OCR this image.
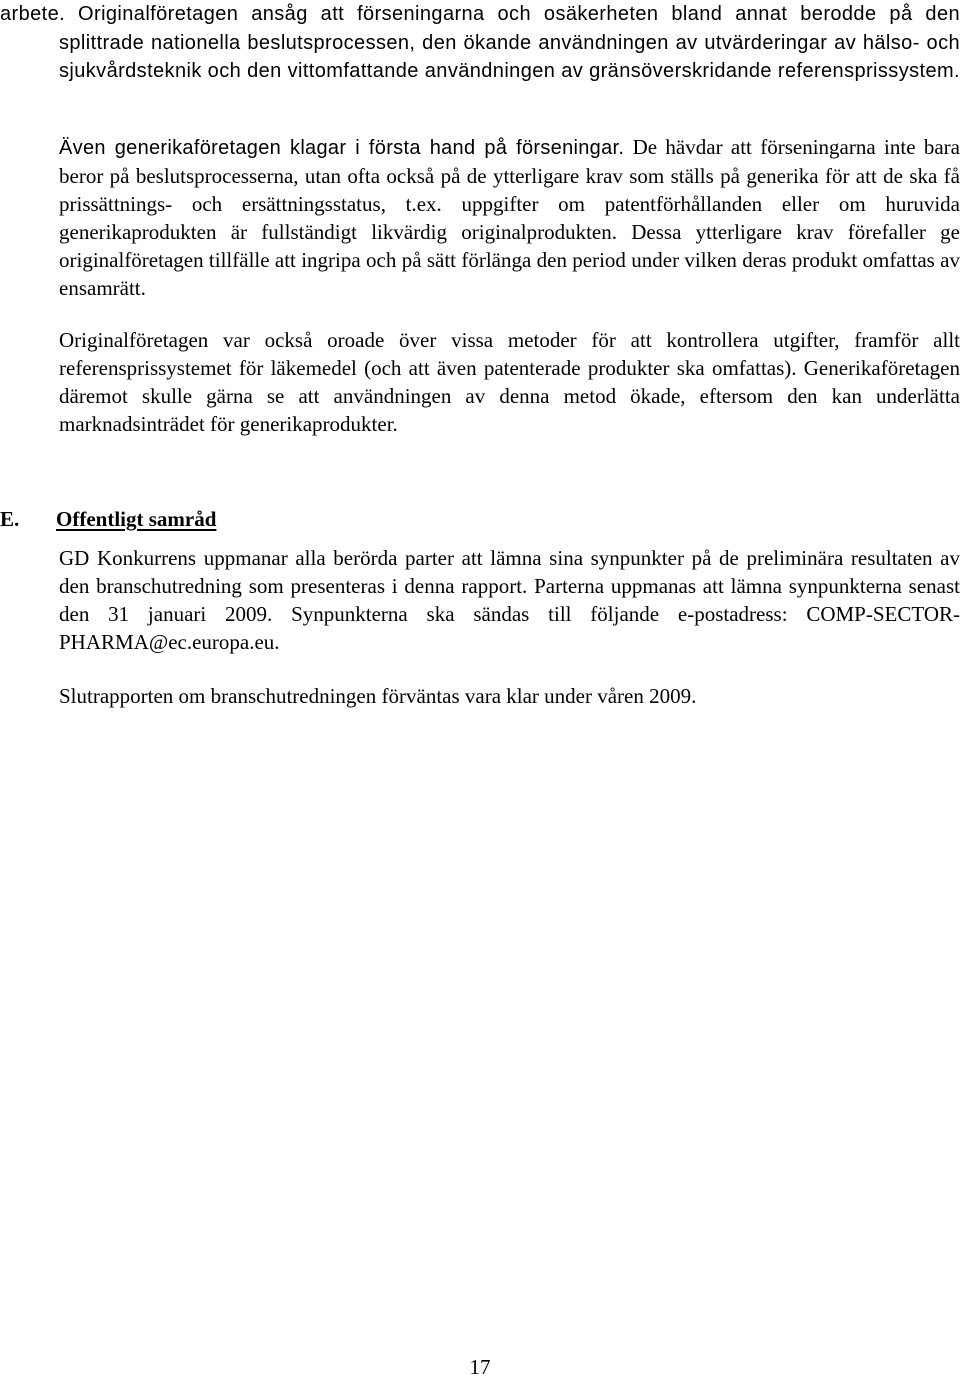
arbete. Originalföretagen ansåg att förseningarna och osäkerheten bland annat berodde på den splittrade nationella beslutsprocessen, den ökande användningen av utvärderingar av hälso- och sjukvårdsteknik och den vittomfattande användningen av gränsöverskridande referensprissystem.

Även generikaföretagen klagar i första hand på förseningar. De hävdar att förseningarna inte bara beror på beslutsprocesserna, utan ofta också på de ytterligare krav som ställs på generika för att de ska få prissättnings- och ersättningsstatus, t.ex. uppgifter om patentförhållanden eller om huruvida generikaprodukten är fullständigt likvärdig originalprodukten. Dessa ytterligare krav förefaller ge originalföretagen tillfälle att ingripa och på sätt förlänga den period under vilken deras produkt omfattas av ensamrätt.

Originalföretagen var också oroade över vissa metoder för att kontrollera utgifter, framför allt referensprissystemet för läkemedel (och att även patenterade produkter ska omfattas). Generikaföretagen däremot skulle gärna se att användningen av denna metod ökade, eftersom den kan underlätta marknadsinträdet för generikaprodukter.

E. Offentligt samråd

GD Konkurrens uppmanar alla berörda parter att lämna sina synpunkter på de preliminära resultaten av den branschutredning som presenteras i denna rapport. Parterna uppmanas att lämna synpunkterna senast den 31 januari 2009. Synpunkterna ska sändas till följande e-postadress: COMP-SECTOR-PHARMA@ec.europa.eu.

Slutrapporten om branschutredningen förväntas vara klar under våren 2009.

17
